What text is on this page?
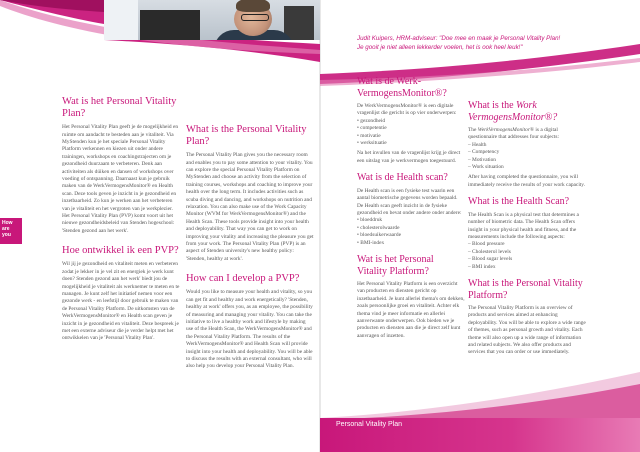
Personal Vitality Plan
How
are
you
Judit Kuipers, HRM-adviseur: "Doe mee en maak je Personal Vitality Plan!
Je gooit je niet alleen lekkerder voelen, het is ook heel leuk!"
Wat is het Personal Vitality Plan?

Het Personal Vitality Plan geeft je de mogelijkheid en ruimte om aandacht te besteden aan je vitaliteit. Via MyStenden kun je het speciale Personal Vitality Platform verkennen en kiezen uit onder andere trainingen, workshops en coachingstrajecten om je gezondheid duurzaam te verbeteren. Denk aan activiteiten als dúiken en dansen of workshops over voeding of ontspanning. Daarnaast kun je gebruik maken van de WerkVermogensMonitor® en Health scan. Deze tools geven je inzicht in je gezondheid en inzetbaarheid. Zo kun je werken aan het verbeteren van je vitaliteit en het vergroten van je werkplezier. Het Personal Vitality Plan (PVP) komt voort uit het nieuwe gezondheidsbeleid van Stenden hogeschool: 'Stenden gezond aan het werk'.

Hoe ontwikkel ik een PVP?

Wil jij je gezondheid en vitaliteit meten en verbeteren zodat je lekker in je vel zit en energiek je werk kunt doen? Stenden gezond aan het werk' biedt jou de mogelijkheid je vitaliteit als werknemer te meten en te managen. Je kunt zelf het initiatief nemen voor een gezonde werk - en leefstijl door gebruik te maken van de Personal Vitality Platform. De uitkomsten van de WerkVermogensMonitor® en Health scan geven je inzicht in je gezondheid en vitaliteit. Deze bespreek je met een externe adviseur die je verder helpt met het ontwikkelen van je 'Personal Vitality Plan'.

What is the Personal Vitality Plan?

The Personal Vitality Plan gives you the necessary room and enables you to pay some attention to your vitality. You can explore the special Personal Vitality Platform on MyStenden and choose an activity from the selection of training courses, workshops and coaching to improve your health over the long term. It includes activities such as scuba diving and dancing, and workshops on nutrition and relaxation. You can also make use of the Work Capacity Monitor (WVM for WerkVermogensMonitor®) and the Health Scan. These tools provide insight into your health and deployability. That way you can get to work on improving your vitality and increasing the pleasure you get from your work. The Personal Vitality Plan (PVP) is an aspect of Stenden university's new healthy policy: 'Stenden, healthy at work'.

How can I develop a PVP?

Would you like to measure your health and vitality, so you can get fit and healthy and work energetically? 'Stenden, healthy at work' offers you, as an employee, the possibility of measuring and managing your vitality. You can take the initiative to live a healthy work and lifestyle by making use of the Health Scan, the WerkVermogensMonitor® and the Personal Vitality Platform. The results of the WerkVermogensMonitor® and Health Scan will provide insight into your health and deployability. You will be able to discuss the results with an external consultant, who will also help you develop your Personal Vitality Plan.

Wat is de Werk-VermogensMonitor®?

De WerkVermogensMonitor® is een digitale vragenlijst die gericht is op vier onderwerpen:

• gezondheid
• competentie
• motivatie
• werksituatie

Na het invullen van de vragenlijst krijg je direct een uitslag van je werkvermogen toegestuurd.

Wat is de Health scan?

De Health scan is een fysieke test waarin een aantal biometrische gegevens worden bepaald. De Health scan geeft inzicht in de fysieke gezondheid en bevat onder andere onder andere:

• bloeddruk
• cholesterolwaarde
• bloedsuikerwaarde
• BMI-index

Wat is het Personal Vitality Platform?

Het Personal Vitality Platform is een overzicht van producten en diensten gericht op inzetbaarheid. Je kunt allerlei thema's om dekken, zoals persoonlijke groei en vitaliteit. Achter elk thema vind je meer informatie en allerlei aanverwante onderwerpen. Ook bieden we je producten en diensten aan die je direct zelf kunt aanvragen of inzetten.

What is the Work VermogensMonitor®?

The WerkVermogensMonitor® is a digital questionnaire that addresses four subjects:

– Health
– Competency
– Motivation
– Work situation

After having completed the questionnaire, you will immediately receive the results of your work capacity.

What is the Health Scan?

The Health Scan is a physical test that determines a number of biometric data. The Health Scan offers insight in your physical health and fitness, and the measurements include the following aspects:

– Blood pressure
– Cholesterol levels
– Blood sugar levels
– BMI index

What is the Personal Vitality Platform?

The Personal Vitality Platform is an overview of products and services aimed at enhancing deployability. You will be able to explore a wide range of themes, such as personal growth and vitality. Each theme will also open up a wide range of information and related subjects. We also offer products and services that you can order or use immediately.
